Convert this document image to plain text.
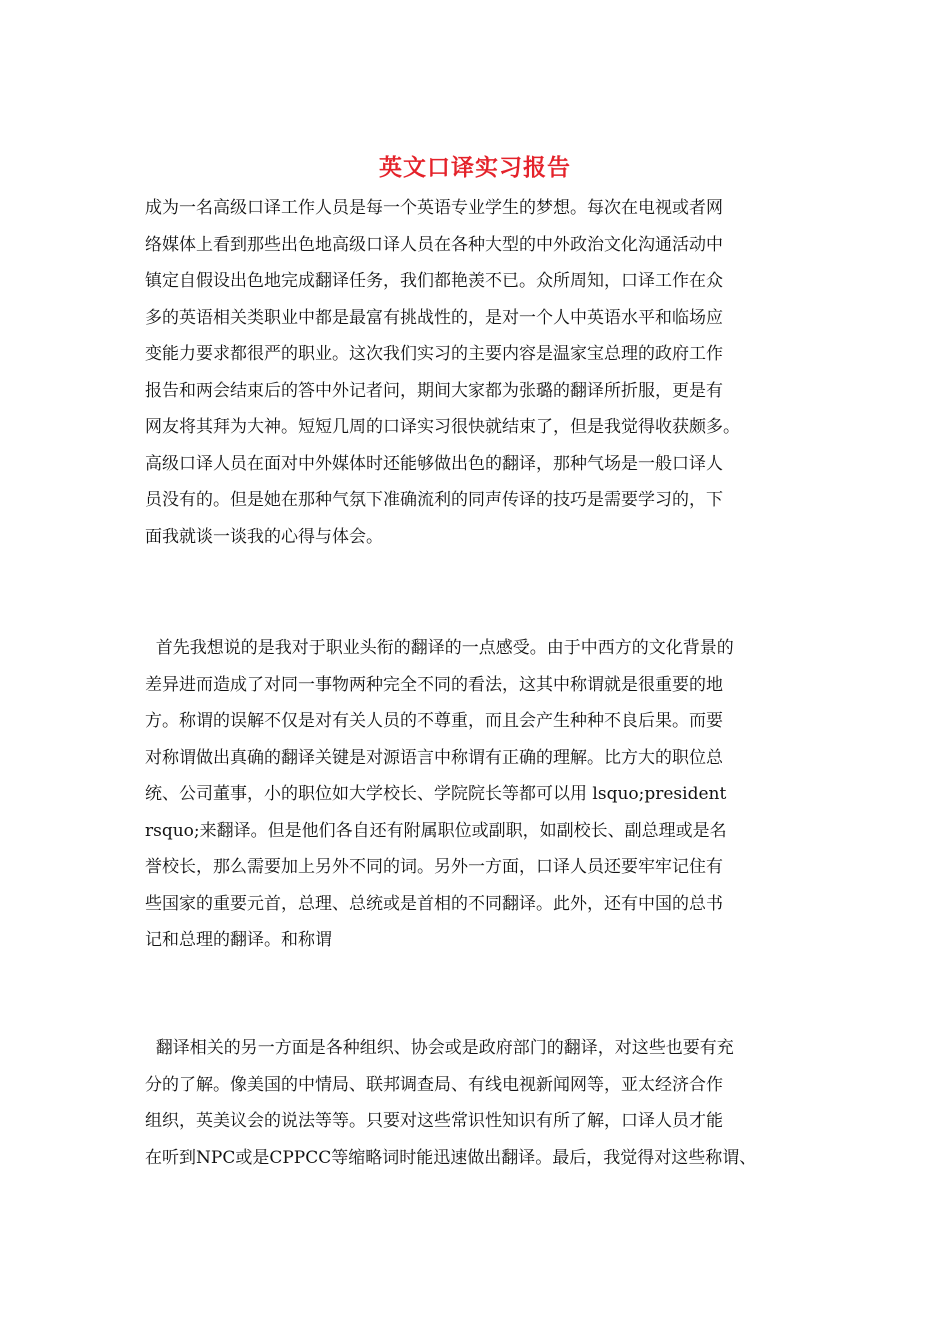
英文口译实习报告
成为一名高级口译工作人员是每一个英语专业学生的梦想。每次在电视或者网
络媒体上看到那些出色地高级口译人员在各种大型的中外政治文化沟通活动中
镇定自假设出色地完成翻译任务，我们都艳羡不已。众所周知，口译工作在众
多的英语相关类职业中都是最富有挑战性的，是对一个人中英语水平和临场应
变能力要求都很严的职业。这次我们实习的主要内容是温家宝总理的政府工作
报告和两会结束后的答中外记者问，期间大家都为张璐的翻译所折服，更是有
网友将其拜为大神。短短几周的口译实习很快就结束了，但是我觉得收获颇多。
高级口译人员在面对中外媒体时还能够做出色的翻译，那种气场是一般口译人
员没有的。但是她在那种气氛下准确流利的同声传译的技巧是需要学习的，下
面我就谈一谈我的心得与体会。
首先我想说的是我对于职业头衔的翻译的一点感受。由于中西方的文化背景的
差异进而造成了对同一事物两种完全不同的看法，这其中称谓就是很重要的地
方。称谓的误解不仅是对有关人员的不尊重，而且会产生种种不良后果。而要
对称谓做出真确的翻译关键是对源语言中称谓有正确的理解。比方大的职位总
统、公司董事，小的职位如大学校长、学院院长等都可以用 lsquo;president
rsquo;来翻译。但是他们各自还有附属职位或副职，如副校长、副总理或是名
誉校长，那么需要加上另外不同的词。另外一方面，口译人员还要牢牢记住有
些国家的重要元首，总理、总统或是首相的不同翻译。此外，还有中国的总书
记和总理的翻译。和称谓
翻译相关的另一方面是各种组织、协会或是政府部门的翻译，对这些也要有充
分的了解。像美国的中情局、联邦调查局、有线电视新闻网等，亚太经济合作
组织，英美议会的说法等等。只要对这些常识性知识有所了解，口译人员才能
在听到NPC或是CPPCC等缩略词时能迅速做出翻译。最后，我觉得对这些称谓、
